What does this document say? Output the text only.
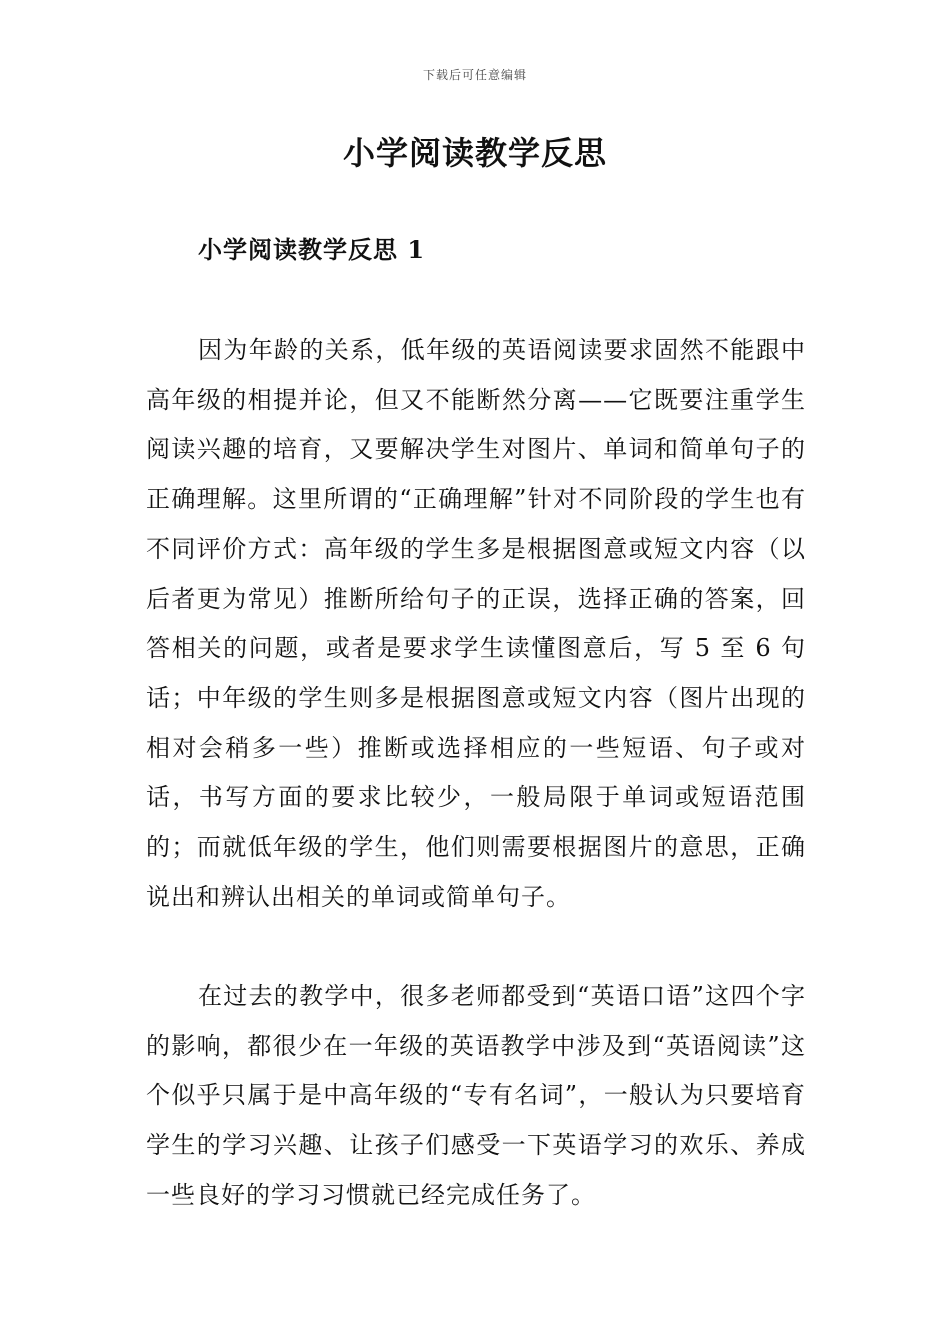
下载后可任意编辑
小学阅读教学反思
小学阅读教学反思 1

因为年龄的关系，低年级的英语阅读要求固然不能跟中高年级的相提并论，但又不能断然分离——它既要注重学生阅读兴趣的培育，又要解决学生对图片、单词和简单句子的正确理解。这里所谓的“正确理解”针对不同阶段的学生也有不同评价方式：高年级的学生多是根据图意或短文内容（以后者更为常见）推断所给句子的正误，选择正确的答案，回答相关的问题，或者是要求学生读懂图意后，写 5 至 6 句话；中年级的学生则多是根据图意或短文内容（图片出现的相对会稍多一些）推断或选择相应的一些短语、句子或对话，书写方面的要求比较少，一般局限于单词或短语范围的；而就低年级的学生，他们则需要根据图片的意思，正确说出和辨认出相关的单词或简单句子。

在过去的教学中，很多老师都受到“英语口语”这四个字的影响，都很少在一年级的英语教学中涉及到“英语阅读”这个似乎只属于是中高年级的“专有名词”，一般认为只要培育学生的学习兴趣、让孩子们感受一下英语学习的欢乐、养成一些良好的学习习惯就已经完成任务了。
